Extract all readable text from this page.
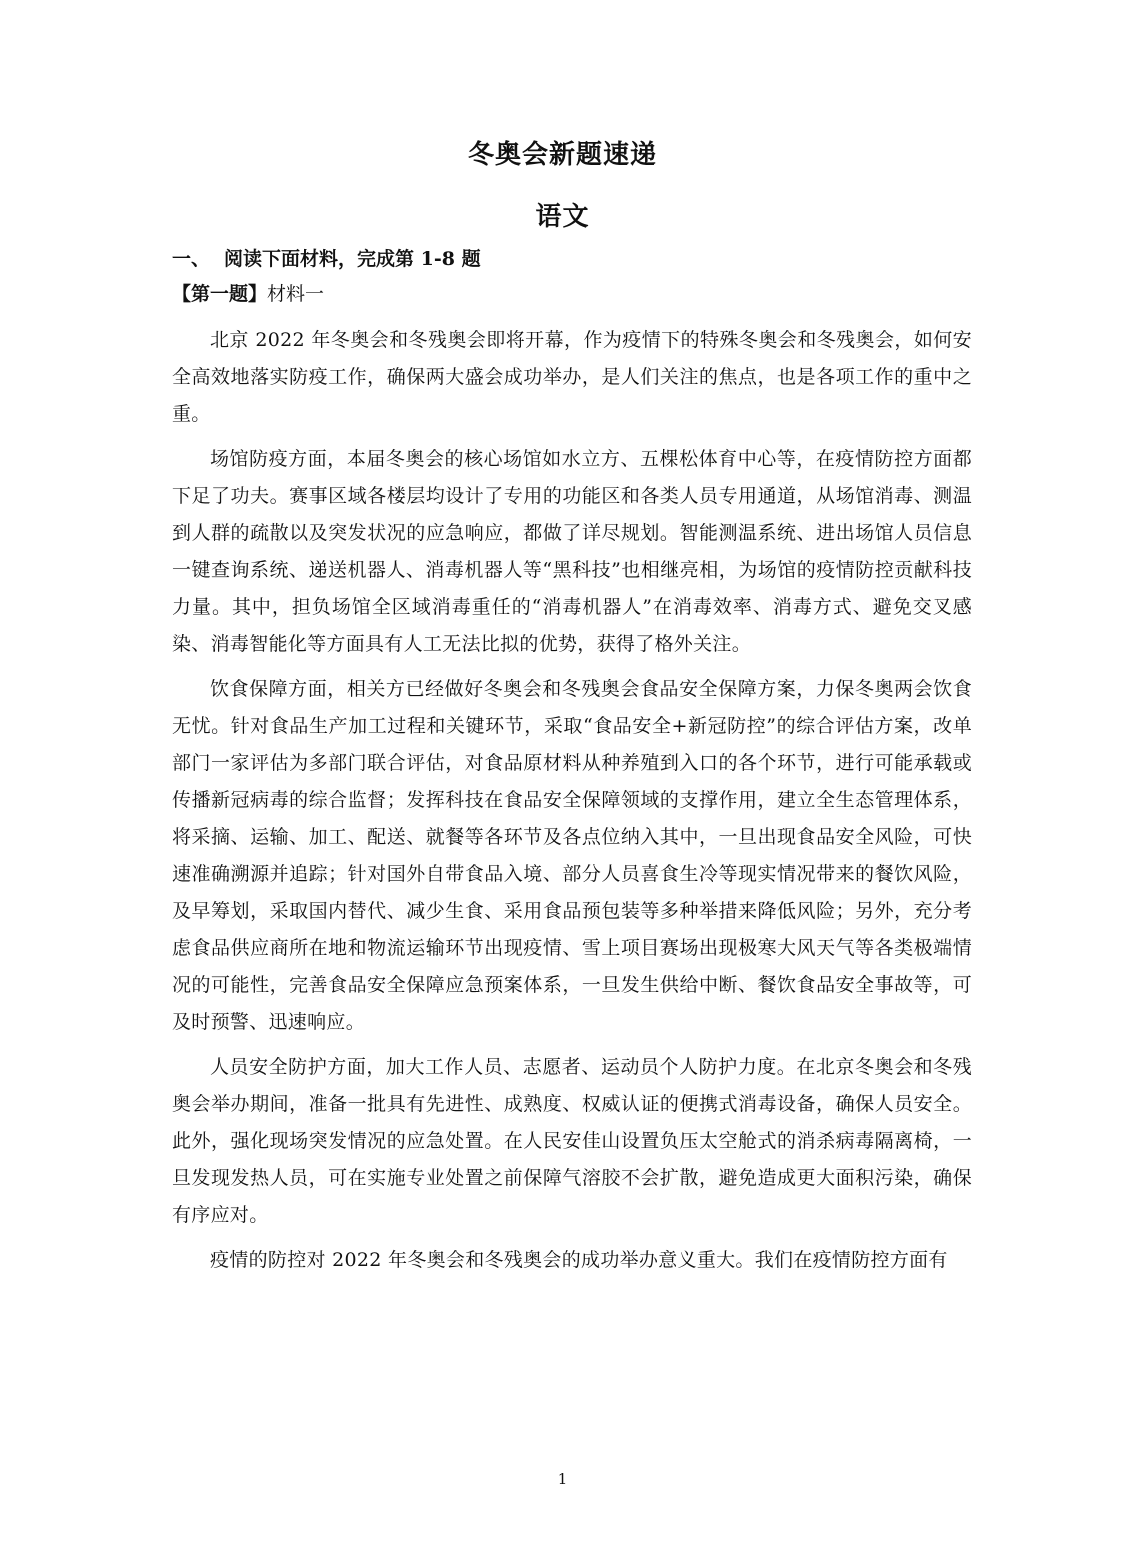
冬奥会新题速递
语文

一、 阅读下面材料，完成第 1-8 题

【第一题】材料一

北京 2022 年冬奥会和冬残奥会即将开幕，作为疫情下的特殊冬奥会和冬残奥会，如何安全高效地落实防疫工作，确保两大盛会成功举办，是人们关注的焦点，也是各项工作的重中之重。

场馆防疫方面，本届冬奥会的核心场馆如水立方、五棵松体育中心等，在疫情防控方面都下足了功夫。赛事区域各楼层均设计了专用的功能区和各类人员专用通道，从场馆消毒、测温到人群的疏散以及突发状况的应急响应，都做了详尽规划。智能测温系统、进出场馆人员信息一键查询系统、递送机器人、消毒机器人等“黑科技”也相继亮相，为场馆的疫情防控贡献科技力量。其中，担负场馆全区域消毒重任的“消毒机器人”在消毒效率、消毒方式、避免交叉感染、消毒智能化等方面具有人工无法比拟的优势，获得了格外关注。

饮食保障方面，相关方已经做好冬奥会和冬残奥会食品安全保障方案，力保冬奥两会饮食无忧。针对食品生产加工过程和关键环节，采取“食品安全+新冠防控”的综合评估方案，改单部门一家评估为多部门联合评估，对食品原材料从种养殖到入口的各个环节，进行可能承载或传播新冠病毒的综合监督；发挥科技在食品安全保障领域的支撑作用，建立全生态管理体系，将采摘、运输、加工、配送、就餐等各环节及各点位纳入其中，一旦出现食品安全风险，可快速准确溯源并追踪；针对国外自带食品入境、部分人员喜食生冷等现实情况带来的餐饮风险，及早筹划，采取国内替代、减少生食、采用食品预包装等多种举措来降低风险；另外，充分考虑食品供应商所在地和物流运输环节出现疫情、雪上项目赛场出现极寒大风天气等各类极端情况的可能性，完善食品安全保障应急预案体系，一旦发生供给中断、餐饮食品安全事故等，可及时预警、迅速响应。

人员安全防护方面，加大工作人员、志愿者、运动员个人防护力度。在北京冬奥会和冬残奥会举办期间，准备一批具有先进性、成熟度、权威认证的便携式消毒设备，确保人员安全。此外，强化现场突发情况的应急处置。在人民安佳山设置负压太空舱式的消杀病毒隔离椅，一旦发现发热人员，可在实施专业处置之前保障气溶胶不会扩散，避免造成更大面积污染，确保有序应对。

疫情的防控对 2022 年冬奥会和冬残奥会的成功举办意义重大。我们在疫情防控方面有

1
